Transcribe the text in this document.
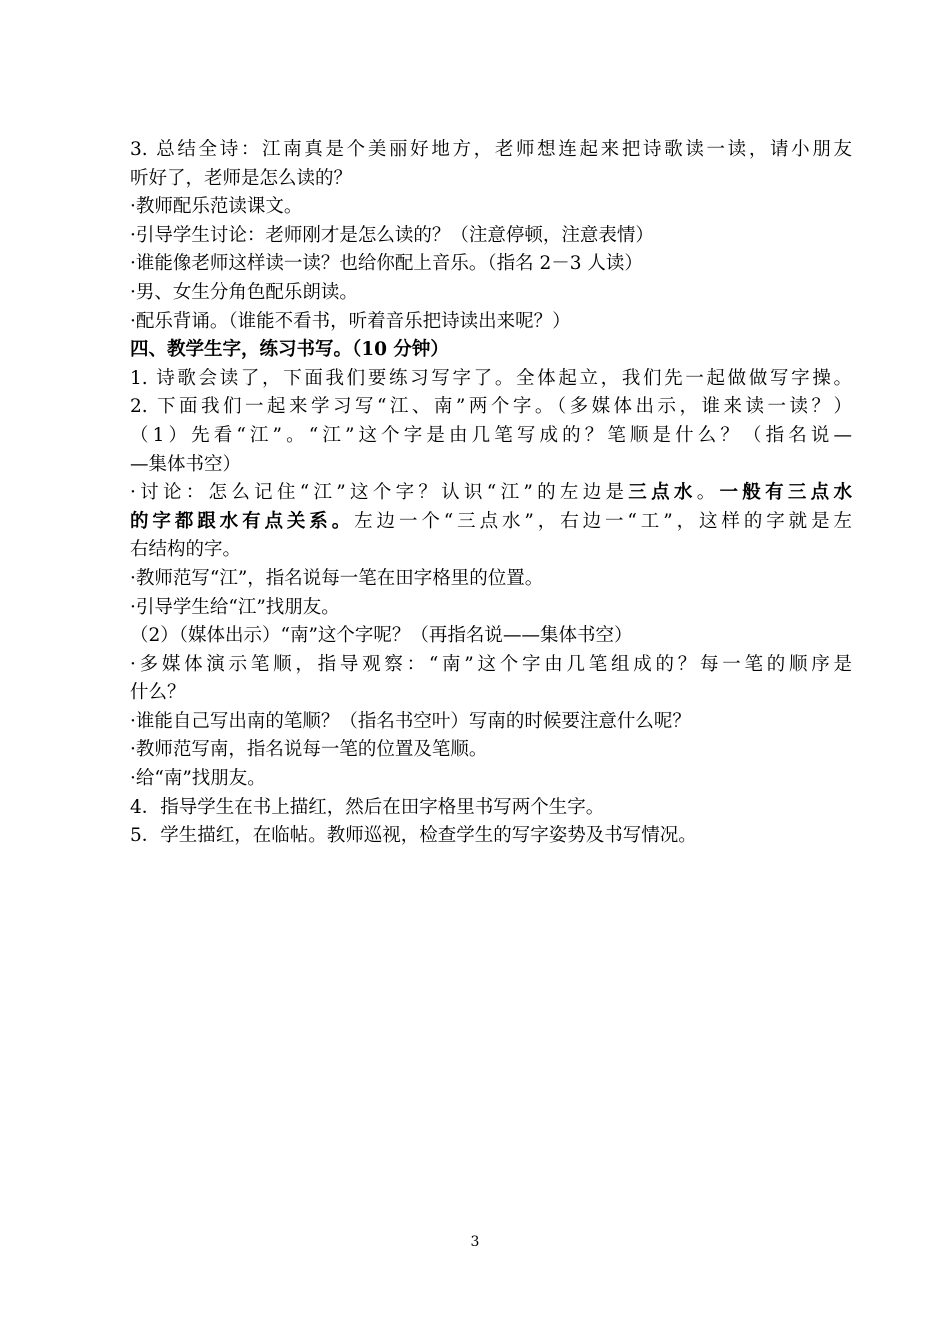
3. 总结全诗：江南真是个美丽好地方，老师想连起来把诗歌读一读，请小朋友
听好了，老师是怎么读的？
·教师配乐范读课文。
·引导学生讨论：老师刚才是怎么读的？（注意停顿，注意表情）
·谁能像老师这样读一读？也给你配上音乐。（指名 2－3 人读）
·男、女生分角色配乐朗读。
·配乐背诵。（谁能不看书，听着音乐把诗读出来呢？）
四、教学生字，练习书写。（10 分钟）
1. 诗歌会读了，下面我们要练习写字了。全体起立，我们先一起做做写字操。
2. 下面我们一起来学习写“江、南”两个字。（多媒体出示，谁来读一读？）
（1）先看“江”。“江”这个字是由几笔写成的？笔顺是什么？（指名说—
—集体书空）
·讨论：怎么记住“江”这个字？认识“江”的左边是三点水。一般有三点水
的字都跟水有点关系。左边一个“三点水”，右边一“工”，这样的字就是左
右结构的字。
·教师范写“江”，指名说每一笔在田字格里的位置。
·引导学生给“江”找朋友。
（2）（媒体出示）“南”这个字呢？（再指名说——集体书空）
·多媒体演示笔顺，指导观察：“南”这个字由几笔组成的？每一笔的顺序是
什么？
·谁能自己写出南的笔顺？（指名书空叶）写南的时候要注意什么呢？
·教师范写南，指名说每一笔的位置及笔顺。
·给“南”找朋友。
4．指导学生在书上描红，然后在田字格里书写两个生字。
5．学生描红，在临帖。教师巡视，检查学生的写字姿势及书写情况。
3
